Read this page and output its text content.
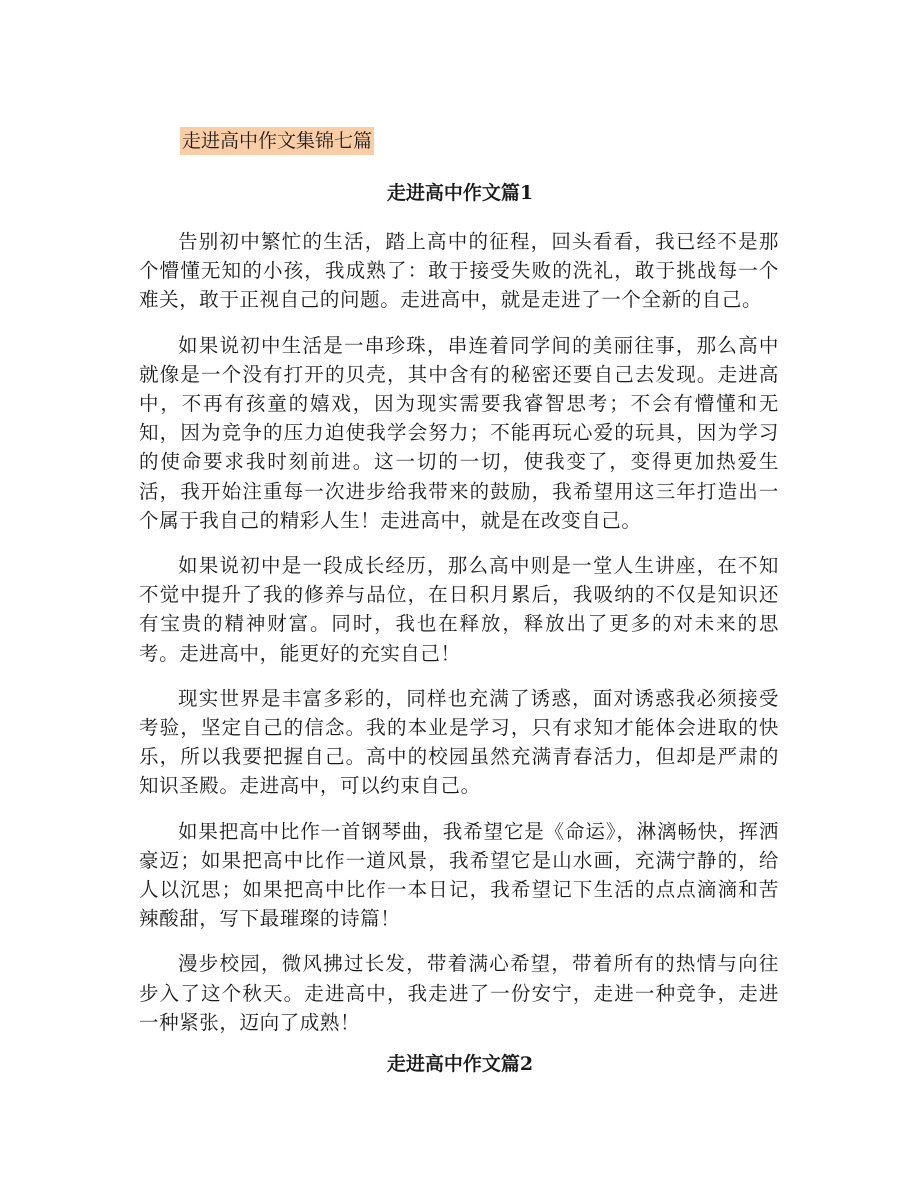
走进高中作文集锦七篇
走进高中作文篇1

告别初中繁忙的生活，踏上高中的征程，回头看看，我已经不是那个懵懂无知的小孩，我成熟了：敢于接受失败的洗礼，敢于挑战每一个难关，敢于正视自己的问题。走进高中，就是走进了一个全新的自己。

如果说初中生活是一串珍珠，串连着同学间的美丽往事，那么高中就像是一个没有打开的贝壳，其中含有的秘密还要自己去发现。走进高中，不再有孩童的嬉戏，因为现实需要我睿智思考；不会有懵懂和无知，因为竞争的压力迫使我学会努力；不能再玩心爱的玩具，因为学习的使命要求我时刻前进。这一切的一切，使我变了，变得更加热爱生活，我开始注重每一次进步给我带来的鼓励，我希望用这三年打造出一个属于我自己的精彩人生！走进高中，就是在改变自己。

如果说初中是一段成长经历，那么高中则是一堂人生讲座，在不知不觉中提升了我的修养与品位，在日积月累后，我吸纳的不仅是知识还有宝贵的精神财富。同时，我也在释放，释放出了更多的对未来的思考。走进高中，能更好的充实自己！

现实世界是丰富多彩的，同样也充满了诱惑，面对诱惑我必须接受考验，坚定自己的信念。我的本业是学习，只有求知才能体会进取的快乐，所以我要把握自己。高中的校园虽然充满青春活力，但却是严肃的知识圣殿。走进高中，可以约束自己。

如果把高中比作一首钢琴曲，我希望它是《命运》，淋漓畅快，挥洒豪迈；如果把高中比作一道风景，我希望它是山水画，充满宁静的，给人以沉思；如果把高中比作一本日记，我希望记下生活的点点滴滴和苦辣酸甜，写下最璀璨的诗篇！

漫步校园，微风拂过长发，带着满心希望，带着所有的热情与向往步入了这个秋天。走进高中，我走进了一份安宁，走进一种竞争，走进一种紧张，迈向了成熟！

走进高中作文篇2
